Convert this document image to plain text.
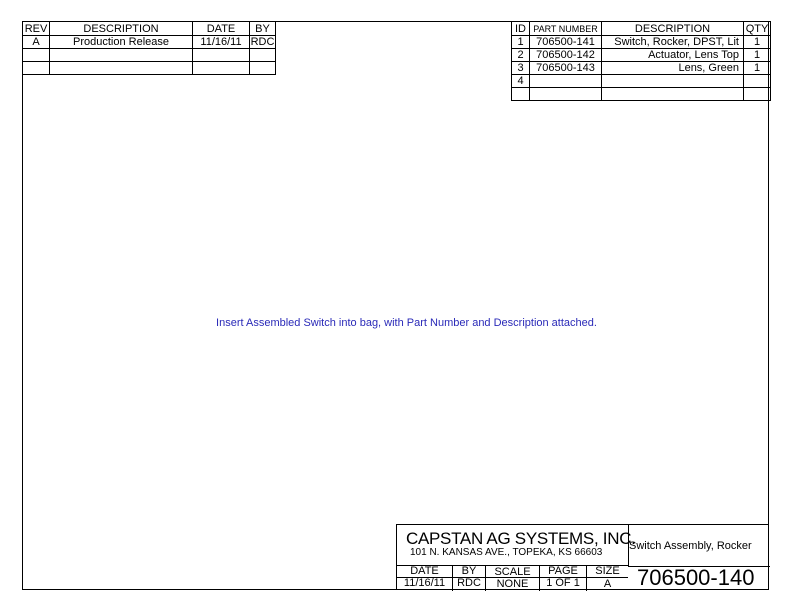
REV	DESCRIPTION	DATE	BY
A	Production Release	11/16/11	RDC

ID	PART NUMBER	DESCRIPTION	QTY
1	706500-141	Switch, Rocker, DPST, Lit	1
2	706500-142	Actuator, Lens Top	1
3	706500-143	Lens, Green	1
4			

Insert Assembled Switch into bag, with Part Number and Description attached.
CAPSTAN AG SYSTEMS, INC.
101 N. KANSAS AVE., TOPEKA, KS 66603
Switch Assembly, Rocker
706500-140
DATE	BY	SCALE	PAGE	SIZE
11/16/11	RDC	NONE	1 OF 1	A
